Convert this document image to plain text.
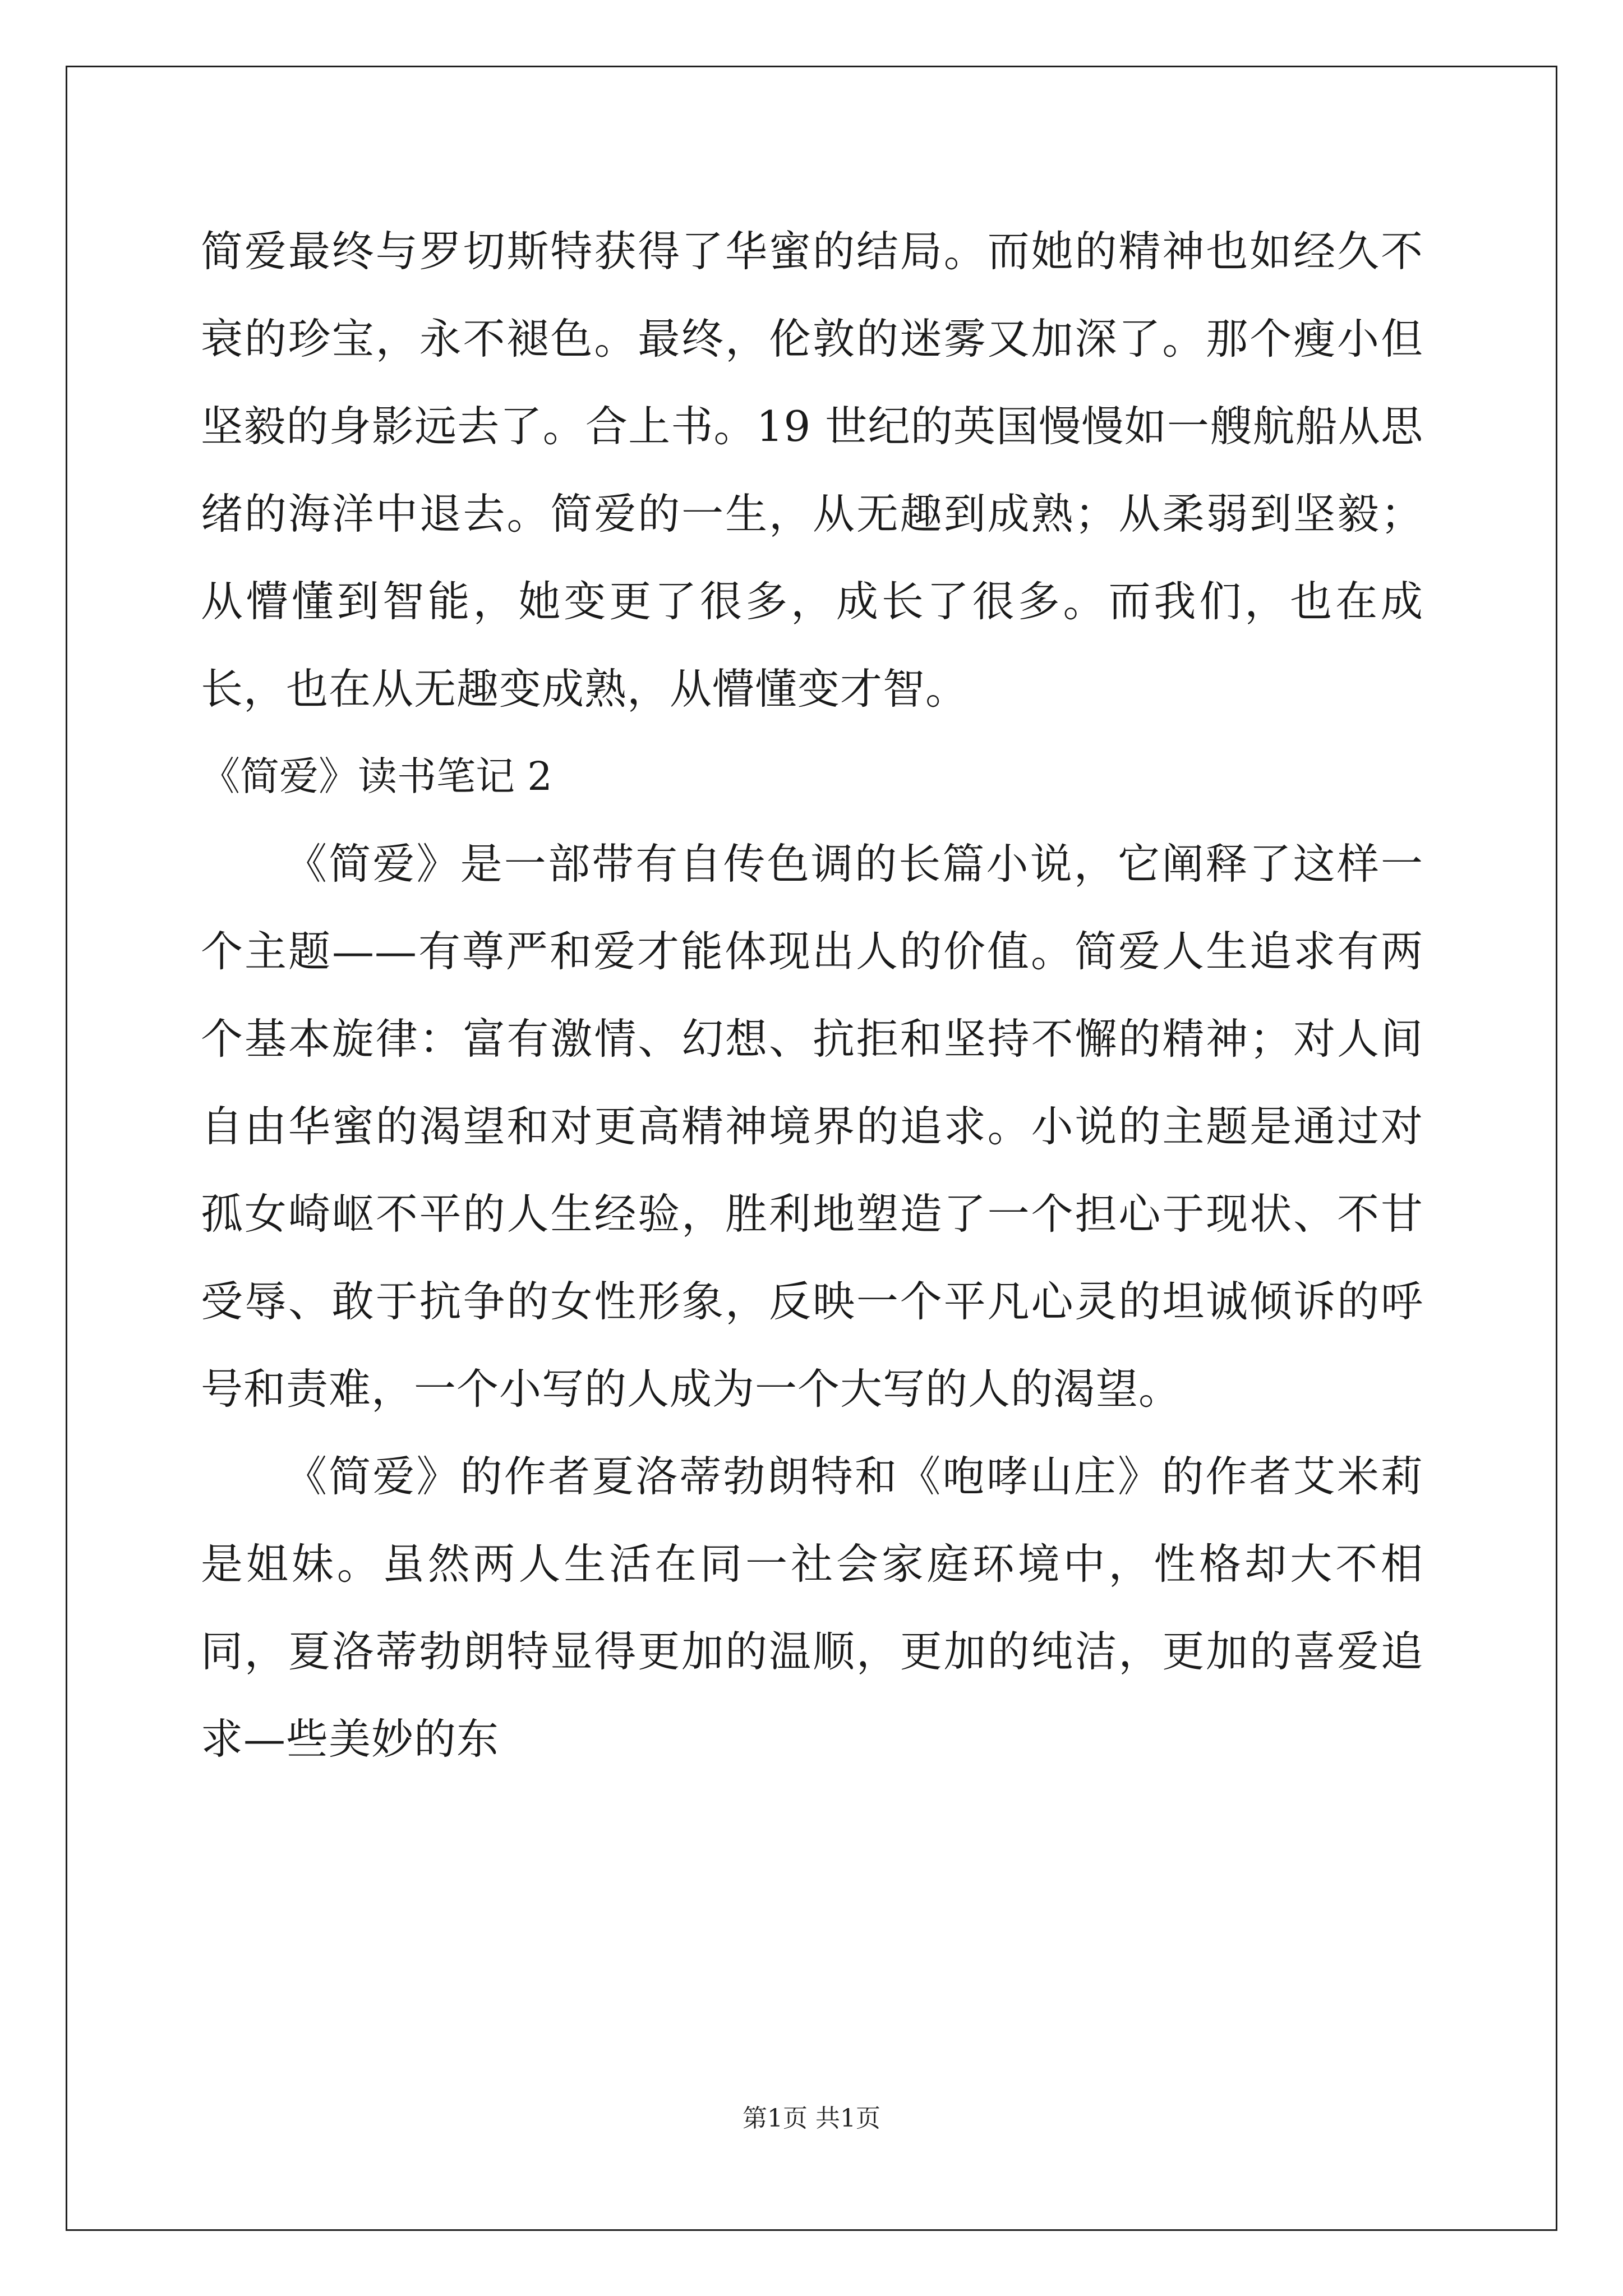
简爱最终与罗切斯特获得了华蜜的结局。而她的精神也如经久不衰的珍宝，永不褪色。最终，伦敦的迷雾又加深了。那个瘦小但坚毅的身影远去了。合上书。19 世纪的英国慢慢如一艘航船从思绪的海洋中退去。简爱的一生，从无趣到成熟；从柔弱到坚毅；从懵懂到智能，她变更了很多，成长了很多。而我们，也在成长，也在从无趣变成熟，从懵懂变才智。

《简爱》读书笔记 2

《简爱》是一部带有自传色调的长篇小说，它阐释了这样一个主题——有尊严和爱才能体现出人的价值。简爱人生追求有两个基本旋律：富有激情、幻想、抗拒和坚持不懈的精神；对人间自由华蜜的渴望和对更高精神境界的追求。小说的主题是通过对孤女崎岖不平的人生经验，胜利地塑造了一个担心于现状、不甘受辱、敢于抗争的女性形象，反映一个平凡心灵的坦诚倾诉的呼号和责难，一个小写的人成为一个大写的人的渴望。

《简爱》的作者夏洛蒂勃朗特和《咆哮山庄》的作者艾米莉是姐妹。虽然两人生活在同一社会家庭环境中，性格却大不相同，夏洛蒂勃朗特显得更加的温顺，更加的纯洁，更加的喜爱追求—些美妙的东

第1页 共1页
